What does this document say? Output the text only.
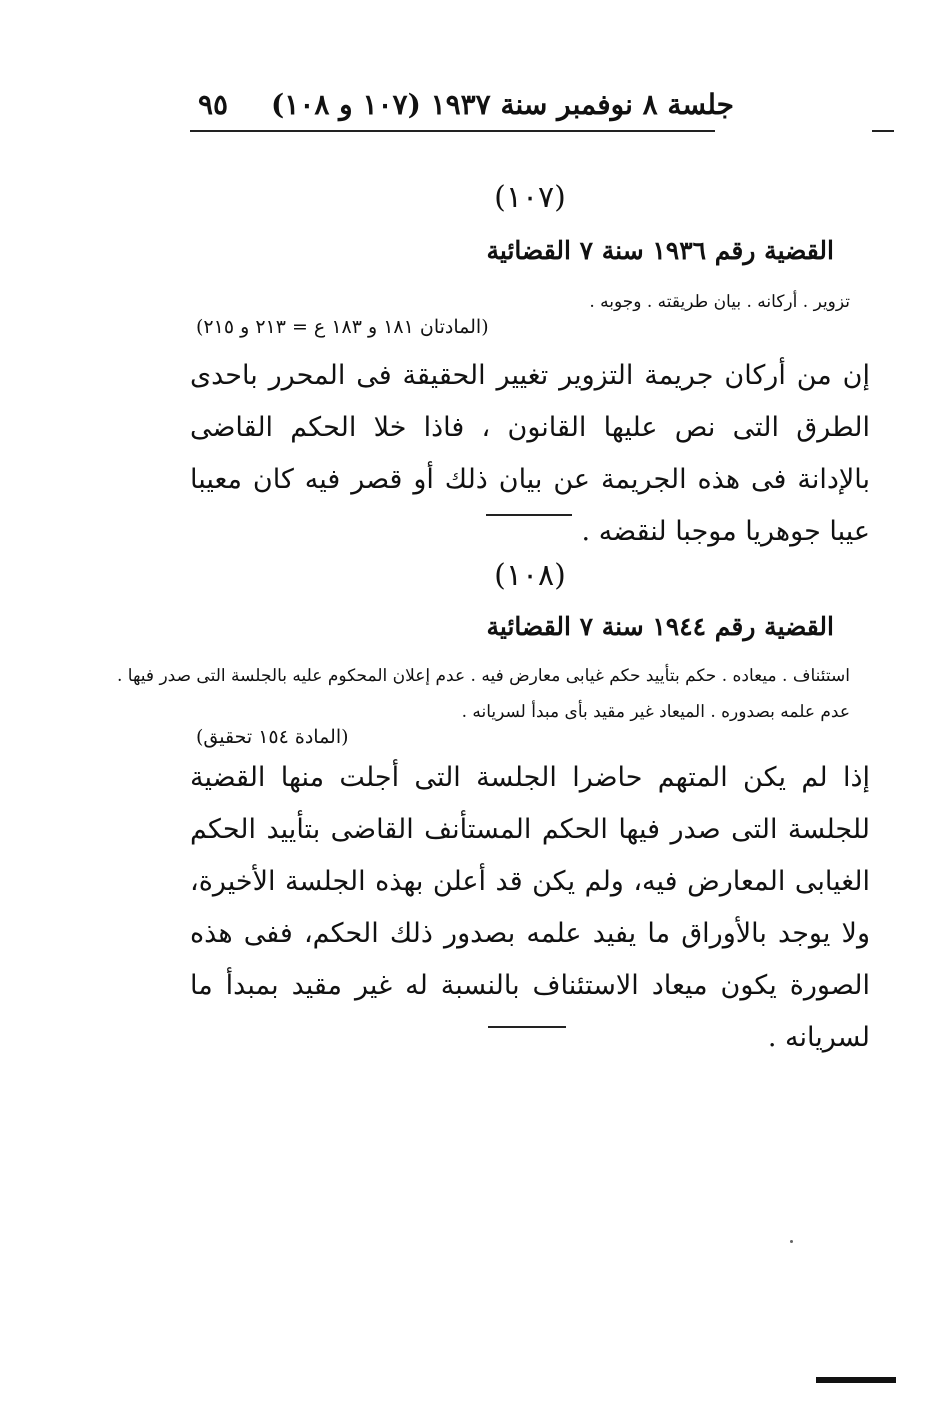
٩٥ جلسة ٨ نوفمبر سنة ١٩٣٧ (١٠٧ و ١٠٨)
(١٠٧)
القضية رقم ١٩٣٦ سنة ٧ القضائية
تزوير . أركانه . بيان طريقته . وجوبه .
(المادتان ١٨١ و ١٨٣ ع = ٢١٣ و ٢١٥)
إن من أركان جريمة التزوير تغيير الحقيقة فى المحرر باحدى الطرق التى نص عليها القانون ، فاذا خلا الحكم القاضى بالإدانة فى هذه الجريمة عن بيان ذلك أو قصر فيه كان معيبا عيبا جوهريا موجبا لنقضه .
(١٠٨)
القضية رقم ١٩٤٤ سنة ٧ القضائية
استئناف . ميعاده . حكم بتأييد حكم غيابى معارض فيه . عدم إعلان المحكوم عليه بالجلسة التى صدر فيها .
عدم علمه بصدوره . الميعاد غير مقيد بأى مبدأ لسريانه .
(المادة ١٥٤ تحقيق)
إذا لم يكن المتهم حاضرا الجلسة التى أجلت منها القضية للجلسة التى صدر فيها الحكم المستأنف القاضى بتأييد الحكم الغيابى المعارض فيه، ولم يكن قد أعلن بهذه الجلسة الأخيرة، ولا يوجد بالأوراق ما يفيد علمه بصدور ذلك الحكم، ففى هذه الصورة يكون ميعاد الاستئناف بالنسبة له غير مقيد بمبدأ ما لسريانه .
